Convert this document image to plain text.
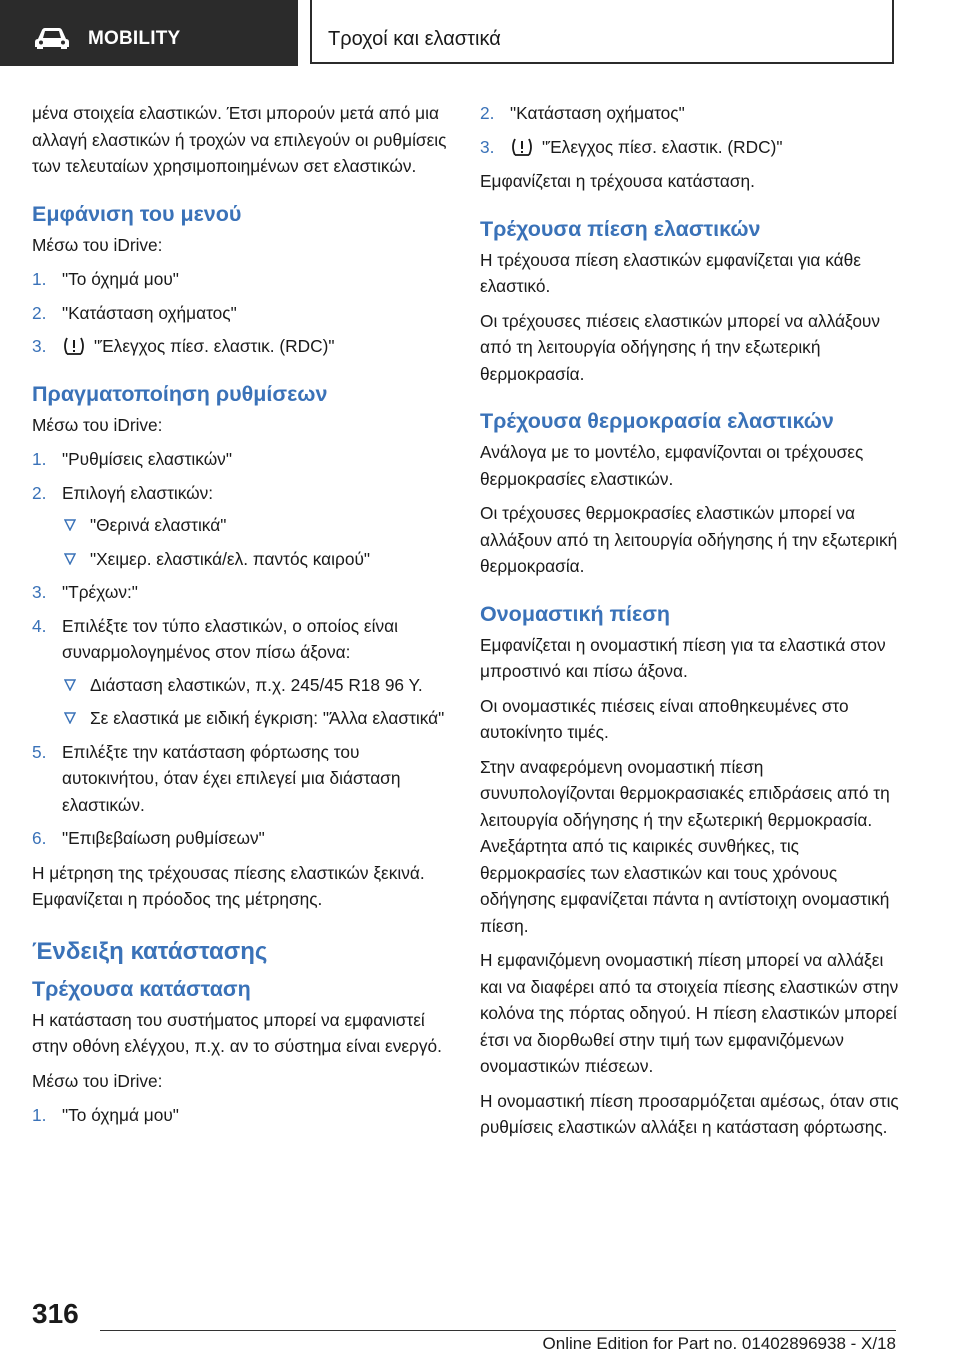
MOBILITY	Τροχοί και ελαστικά

μένα στοιχεία ελαστικών. Έτσι μπορούν μετά από μια αλλαγή ελαστικών ή τροχών να επιλεγούν οι ρυθμίσεις των τελευταίων χρησιμοποιημένων σετ ελαστικών.

Εμφάνιση του μενού

Μέσω του iDrive:

1. "Το όχημά μου"
2. "Κατάσταση οχήματος"
3.	"Έλεγχος πίεσ. ελαστικ. (RDC)"
Πραγματοποίηση ρυθμίσεων

Μέσω του iDrive:

1. "Ρυθμίσεις ελαστικών"
2. Επιλογή ελαστικών:
"Θερινά ελαστικά"
"Χειμερ. ελαστικά/ελ. παντός καιρού"
3. "Τρέχων:"
4. Επιλέξτε τον τύπο ελαστικών, ο οποίος είναι συναρμολογημένος στον πίσω άξονα:
Διάσταση ελαστικών, π.χ. 245/45 R18 96 Y.
Σε ελαστικά με ειδική έγκριση: "Άλλα ελαστικά"
5. Επιλέξτε την κατάσταση φόρτωσης του αυτοκινήτου, όταν έχει επιλεγεί μια διάσταση ελαστικών.
6. "Επιβεβαίωση ρυθμίσεων"

Η μέτρηση της τρέχουσας πίεσης ελαστικών ξεκινά. Εμφανίζεται η πρόοδος της μέτρησης.

Ένδειξη κατάστασης
Τρέχουσα κατάσταση

Η κατάσταση του συστήματος μπορεί να εμφανιστεί στην οθόνη ελέγχου, π.χ. αν το σύστημα είναι ενεργό.

Μέσω του iDrive:

1. "Το όχημά μου"
2. "Κατάσταση οχήματος"
3.	"Έλεγχος πίεσ. ελαστικ. (RDC)"

Εμφανίζεται η τρέχουσα κατάσταση.

Τρέχουσα πίεση ελαστικών

Η τρέχουσα πίεση ελαστικών εμφανίζεται για κάθε ελαστικό.

Οι τρέχουσες πιέσεις ελαστικών μπορεί να αλλάξουν από τη λειτουργία οδήγησης ή την εξωτερική θερμοκρασία.

Τρέχουσα θερμοκρασία ελαστικών

Ανάλογα με το μοντέλο, εμφανίζονται οι τρέχουσες θερμοκρασίες ελαστικών.

Οι τρέχουσες θερμοκρασίες ελαστικών μπορεί να αλλάξουν από τη λειτουργία οδήγησης ή την εξωτερική θερμοκρασία.

Ονομαστική πίεση

Εμφανίζεται η ονομαστική πίεση για τα ελαστικά στον μπροστινό και πίσω άξονα.

Οι ονομαστικές πιέσεις είναι αποθηκευμένες στο αυτοκίνητο τιμές.

Στην αναφερόμενη ονομαστική πίεση συνυπολογίζονται θερμοκρασιακές επιδράσεις από τη λειτουργία οδήγησης ή την εξωτερική θερμοκρασία. Ανεξάρτητα από τις καιρικές συνθήκες, τις θερμοκρασίες των ελαστικών και τους χρόνους οδήγησης εμφανίζεται πάντα η αντίστοιχη ονομαστική πίεση.

Η εμφανιζόμενη ονομαστική πίεση μπορεί να αλλάξει και να διαφέρει από τα στοιχεία πίεσης ελαστικών στην κολόνα της πόρτας οδηγού. Η πίεση ελαστικών μπορεί έτσι να διορθωθεί στην τιμή των εμφανιζόμενων ονομαστικών πιέσεων.

Η ονομαστική πίεση προσαρμόζεται αμέσως, όταν στις ρυθμίσεις ελαστικών αλλάξει η κατάσταση φόρτωσης.

316
Online Edition for Part no. 01402896938 - X/18
